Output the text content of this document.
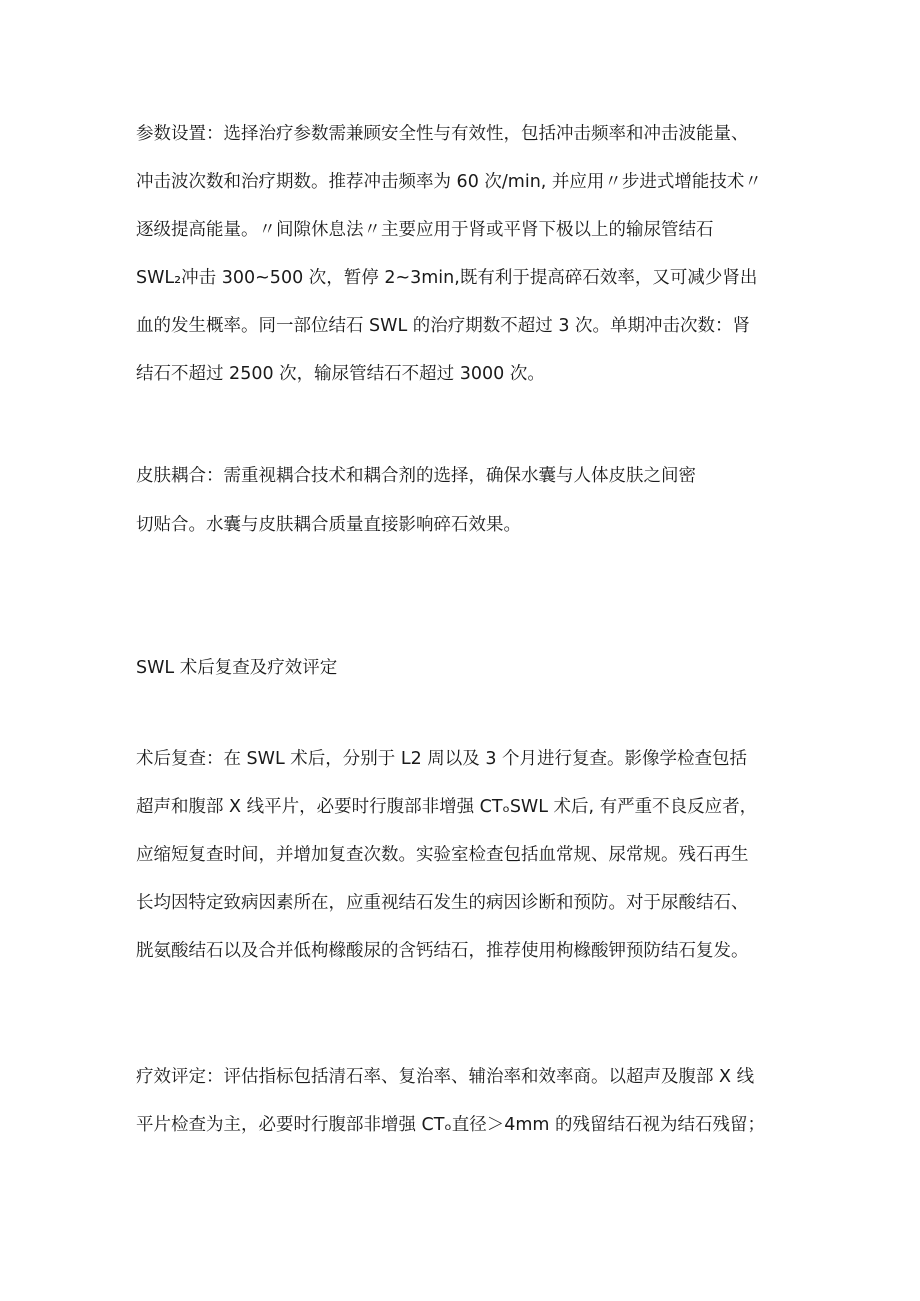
参数设置：选择治疗参数需兼顾安全性与有效性，包括冲击频率和冲击波能量、
冲击波次数和治疗期数。推荐冲击频率为 60 次/min, 并应用〃步进式增能技术〃
逐级提高能量。〃间隙休息法〃主要应用于肾或平肾下极以上的输尿管结石
SWL₂冲击 300~500 次，暂停 2~3min,既有利于提高碎石效率，又可减少肾出
血的发生概率。同一部位结石 SWL 的治疗期数不超过 3 次。单期冲击次数：肾
结石不超过 2500 次，输尿管结石不超过 3000 次。
皮肤耦合：需重视耦合技术和耦合剂的选择，确保水囊与人体皮肤之间密
切贴合。水囊与皮肤耦合质量直接影响碎石效果。
SWL 术后复查及疗效评定
术后复查：在 SWL 术后，分别于 L2 周以及 3 个月进行复查。影像学检查包括
超声和腹部 X 线平片，必要时行腹部非增强 CTₒSWL 术后, 有严重不良反应者，
应缩短复查时间，并增加复查次数。实验室检查包括血常规、尿常规。残石再生
长均因特定致病因素所在，应重视结石发生的病因诊断和预防。对于尿酸结石、
胱氨酸结石以及合并低枸橼酸尿的含钙结石，推荐使用枸橼酸钾预防结石复发。
疗效评定：评估指标包括清石率、复治率、辅治率和效率商。以超声及腹部 X 线
平片检查为主，必要时行腹部非增强 CTₒ直径＞4mm 的残留结石视为结石残留；
